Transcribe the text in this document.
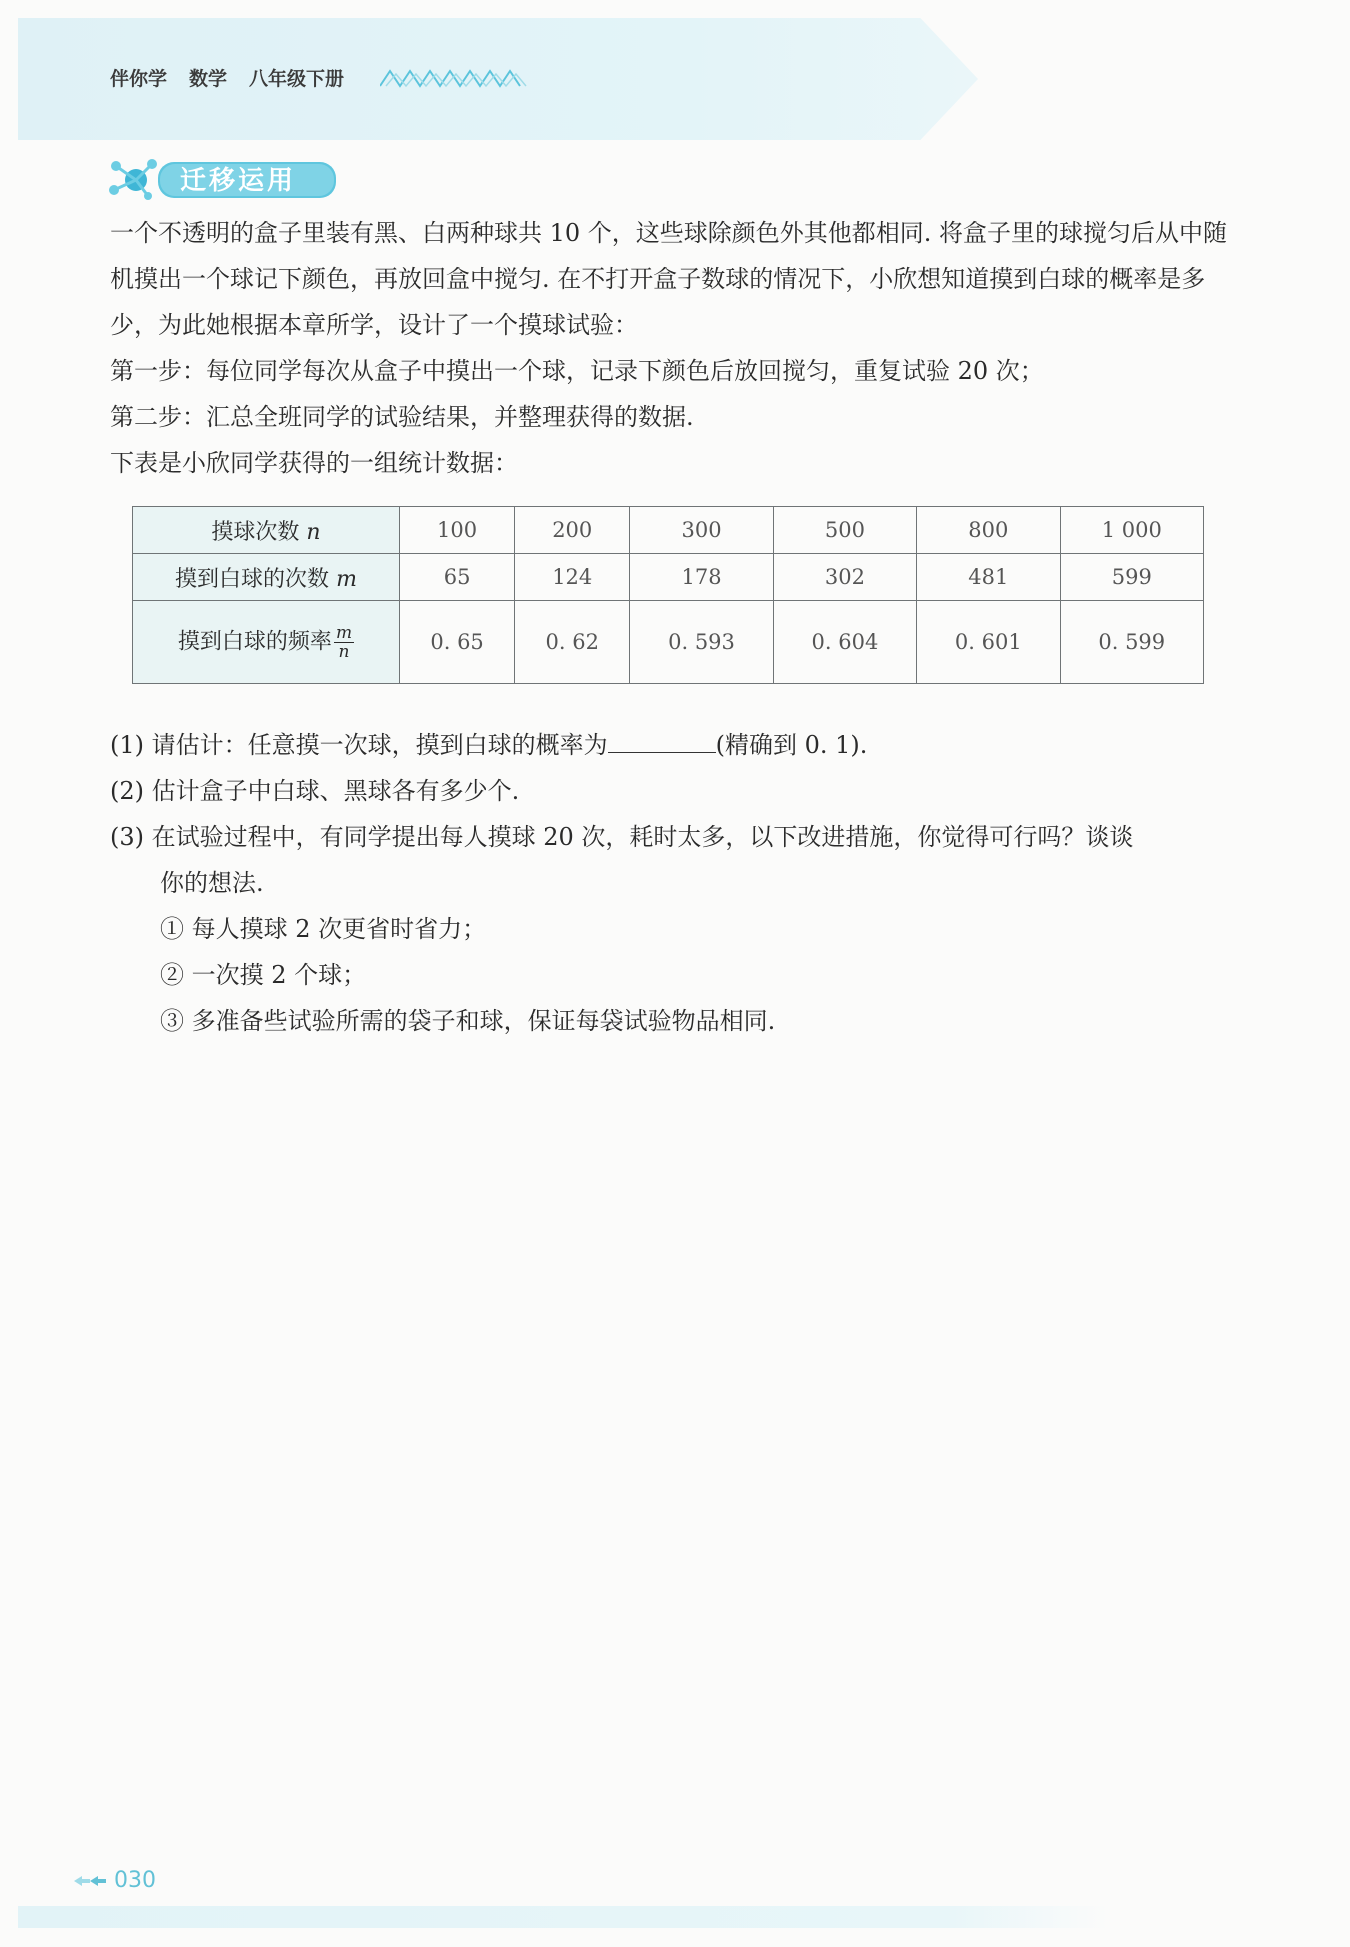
伴你学 数学 八年级下册
迁移运用

一个不透明的盒子里装有黑、白两种球共 10 个，这些球除颜色外其他都相同. 将盒子里的球搅匀后从中随机摸出一个球记下颜色，再放回盒中搅匀. 在不打开盒子数球的情况下，小欣想知道摸到白球的概率是多少，为此她根据本章所学，设计了一个摸球试验：

第一步：每位同学每次从盒子中摸出一个球，记录下颜色后放回搅匀，重复试验 20 次；

第二步：汇总全班同学的试验结果，并整理获得的数据.

下表是小欣同学获得的一组统计数据：

摸球次数 n	100	200	300	500	800	1 000
摸到白球的次数 m	65	124	178	302	481	599
摸到白球的频率 $\frac{m}{n}$	0. 65	0. 62	0. 593	0. 604	0. 601	0. 599

(1) 请估计：任意摸一次球，摸到白球的概率为	(精确到 0. 1).

(2) 估计盒子中白球、黑球各有多少个.

(3) 在试验过程中，有同学提出每人摸球 20 次，耗时太多，以下改进措施，你觉得可行吗？谈谈

你的想法.

① 每人摸球 2 次更省时省力；

② 一次摸 2 个球；

③ 多准备些试验所需的袋子和球，保证每袋试验物品相同.

030
